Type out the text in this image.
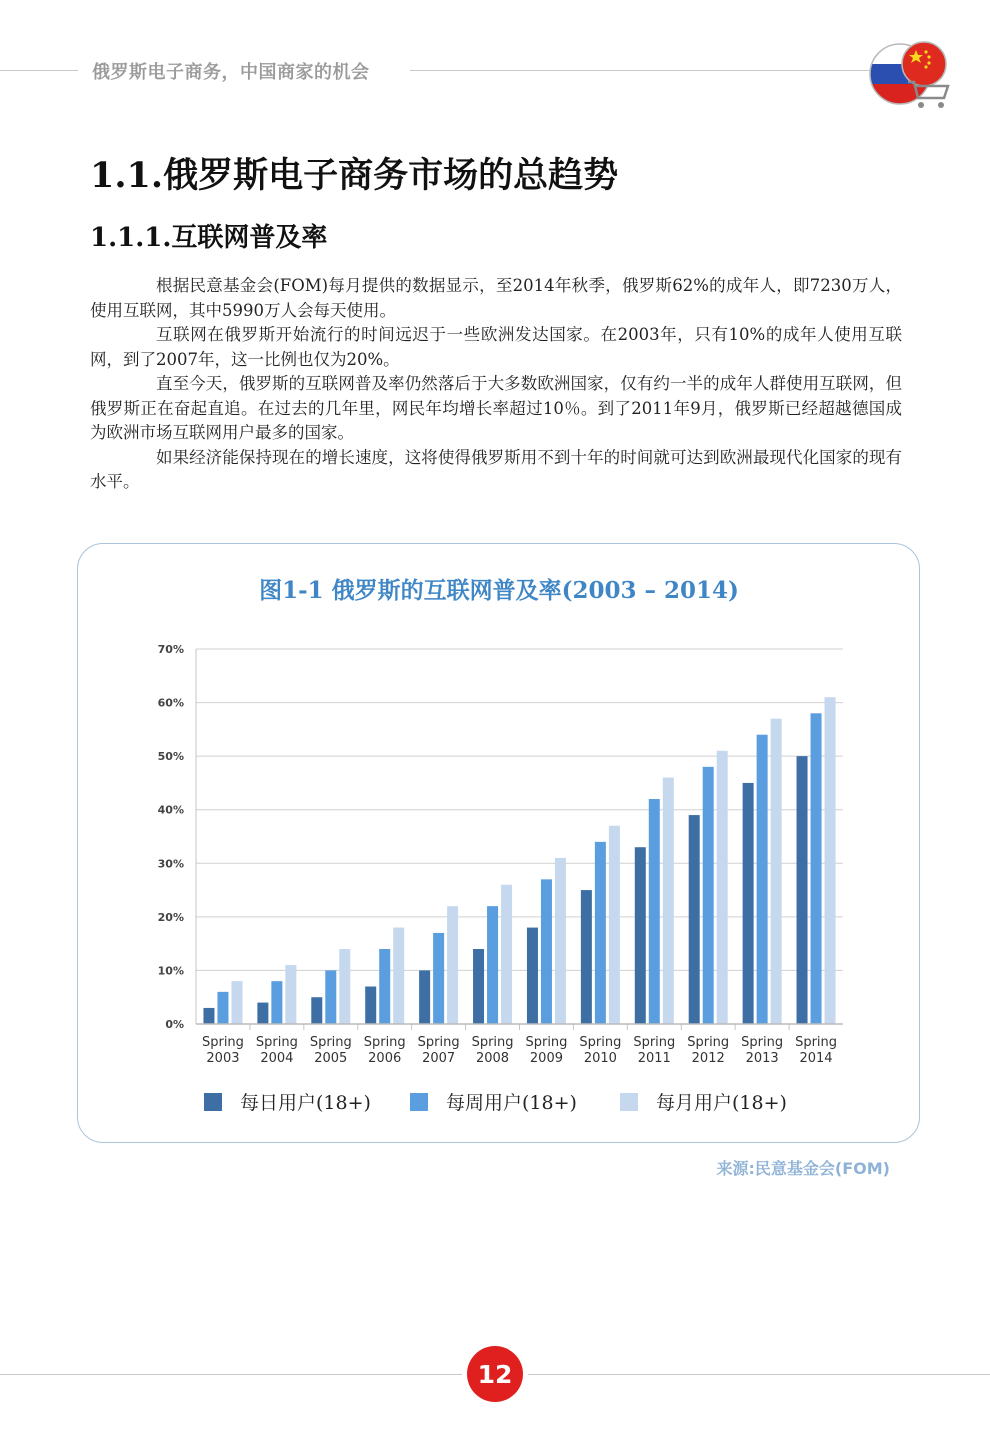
俄罗斯电子商务，中国商家的机会
1.1.俄罗斯电子商务市场的总趋势
1.1.1.互联网普及率

根据民意基金会(FOM)每月提供的数据显示，至2014年秋季，俄罗斯62%的成年人，即7230万人，使用互联网，其中5990万人会每天使用。

互联网在俄罗斯开始流行的时间远迟于一些欧洲发达国家。在2003年，只有10%的成年人使用互联网，到了2007年，这一比例也仅为20%。

直至今天，俄罗斯的互联网普及率仍然落后于大多数欧洲国家，仅有约一半的成年人群使用互联网，但俄罗斯正在奋起直追。在过去的几年里，网民年均增长率超过10％。到了2011年9月，俄罗斯已经超越德国成为欧洲市场互联网用户最多的国家。

如果经济能保持现在的增长速度，这将使得俄罗斯用不到十年的时间就可达到欧洲最现代化国家的现有水平。

图1-1 俄罗斯的互联网普及率(2003 – 2014)
0%
10%
20%
30%
40%
50%
60%
70%
Spring
2003
Spring
2004
Spring
2005
Spring
2006
Spring
2007
Spring
2008
Spring
2009
Spring
2010
Spring
2011
Spring
2012
Spring
2013
Spring
2014
每日用户(18+)	每周用户(18+)	每月用户(18+)
来源:民意基金会(FOM)
12
